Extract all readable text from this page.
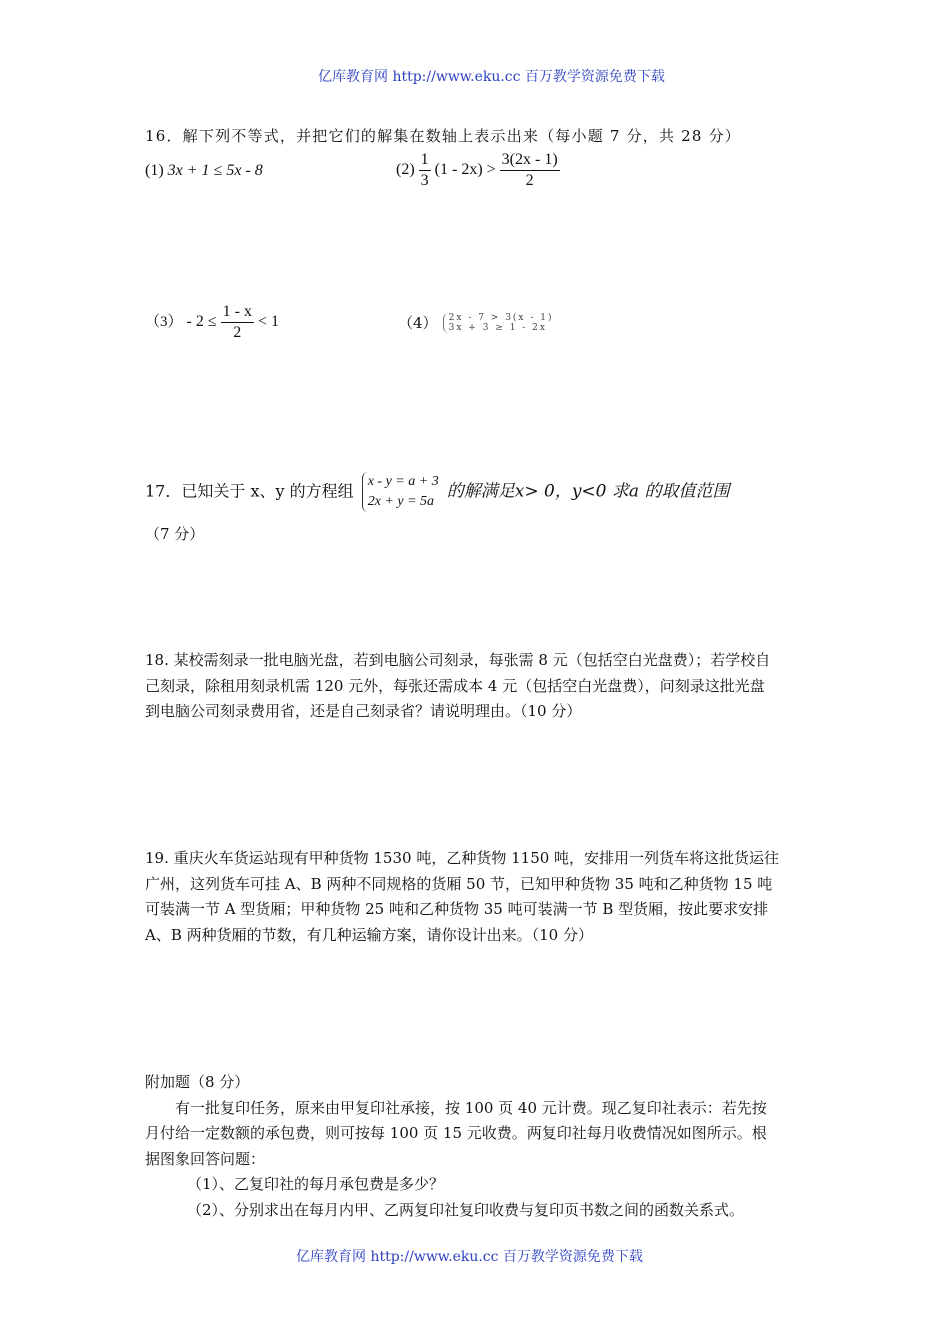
亿库教育网 http://www.eku.cc 百万教学资源免费下载
16．解下列不等式，并把它们的解集在数轴上表示出来（每小题 7 分，共 28 分）
(1) 3x + 1 ≤ 5x - 8	$(2) \frac{1}{3} (1 - 2x) > \frac{3(2x - 1)}{2}$
$(3) - 2 \le \frac{1 - x}{2} < 1$	（4） 2x - 7 > 3(x - 1)
3x + 3 ≥ 1 - 2x
17．已知关于 x、y 的方程组 x - y = a + 3
2x + y = 5a 的解满足x> 0，y<0 求a 的取值范围
（7 分）
18. 某校需刻录一批电脑光盘，若到电脑公司刻录，每张需 8 元（包括空白光盘费）；若学校自
己刻录，除租用刻录机需 120 元外，每张还需成本 4 元（包括空白光盘费），问刻录这批光盘
到电脑公司刻录费用省，还是自己刻录省？请说明理由。（10 分）
19. 重庆火车货运站现有甲种货物 1530 吨，乙种货物 1150 吨，安排用一列货车将这批货运往
广州，这列货车可挂 A、B 两种不同规格的货厢 50 节，已知甲种货物 35 吨和乙种货物 15 吨
可装满一节 A 型货厢；甲种货物 25 吨和乙种货物 35 吨可装满一节 B 型货厢，按此要求安排
A、B 两种货厢的节数，有几种运输方案，请你设计出来。（10 分）
附加题（8 分）
有一批复印任务，原来由甲复印社承接，按 100 页 40 元计费。现乙复印社表示：若先按
月付给一定数额的承包费，则可按每 100 页 15 元收费。两复印社每月收费情况如图所示。根
据图象回答问题：
（1）、乙复印社的每月承包费是多少？
（2）、分别求出在每月内甲、乙两复印社复印收费与复印页书数之间的函数关系式。
亿库教育网 http://www.eku.cc 百万教学资源免费下载
